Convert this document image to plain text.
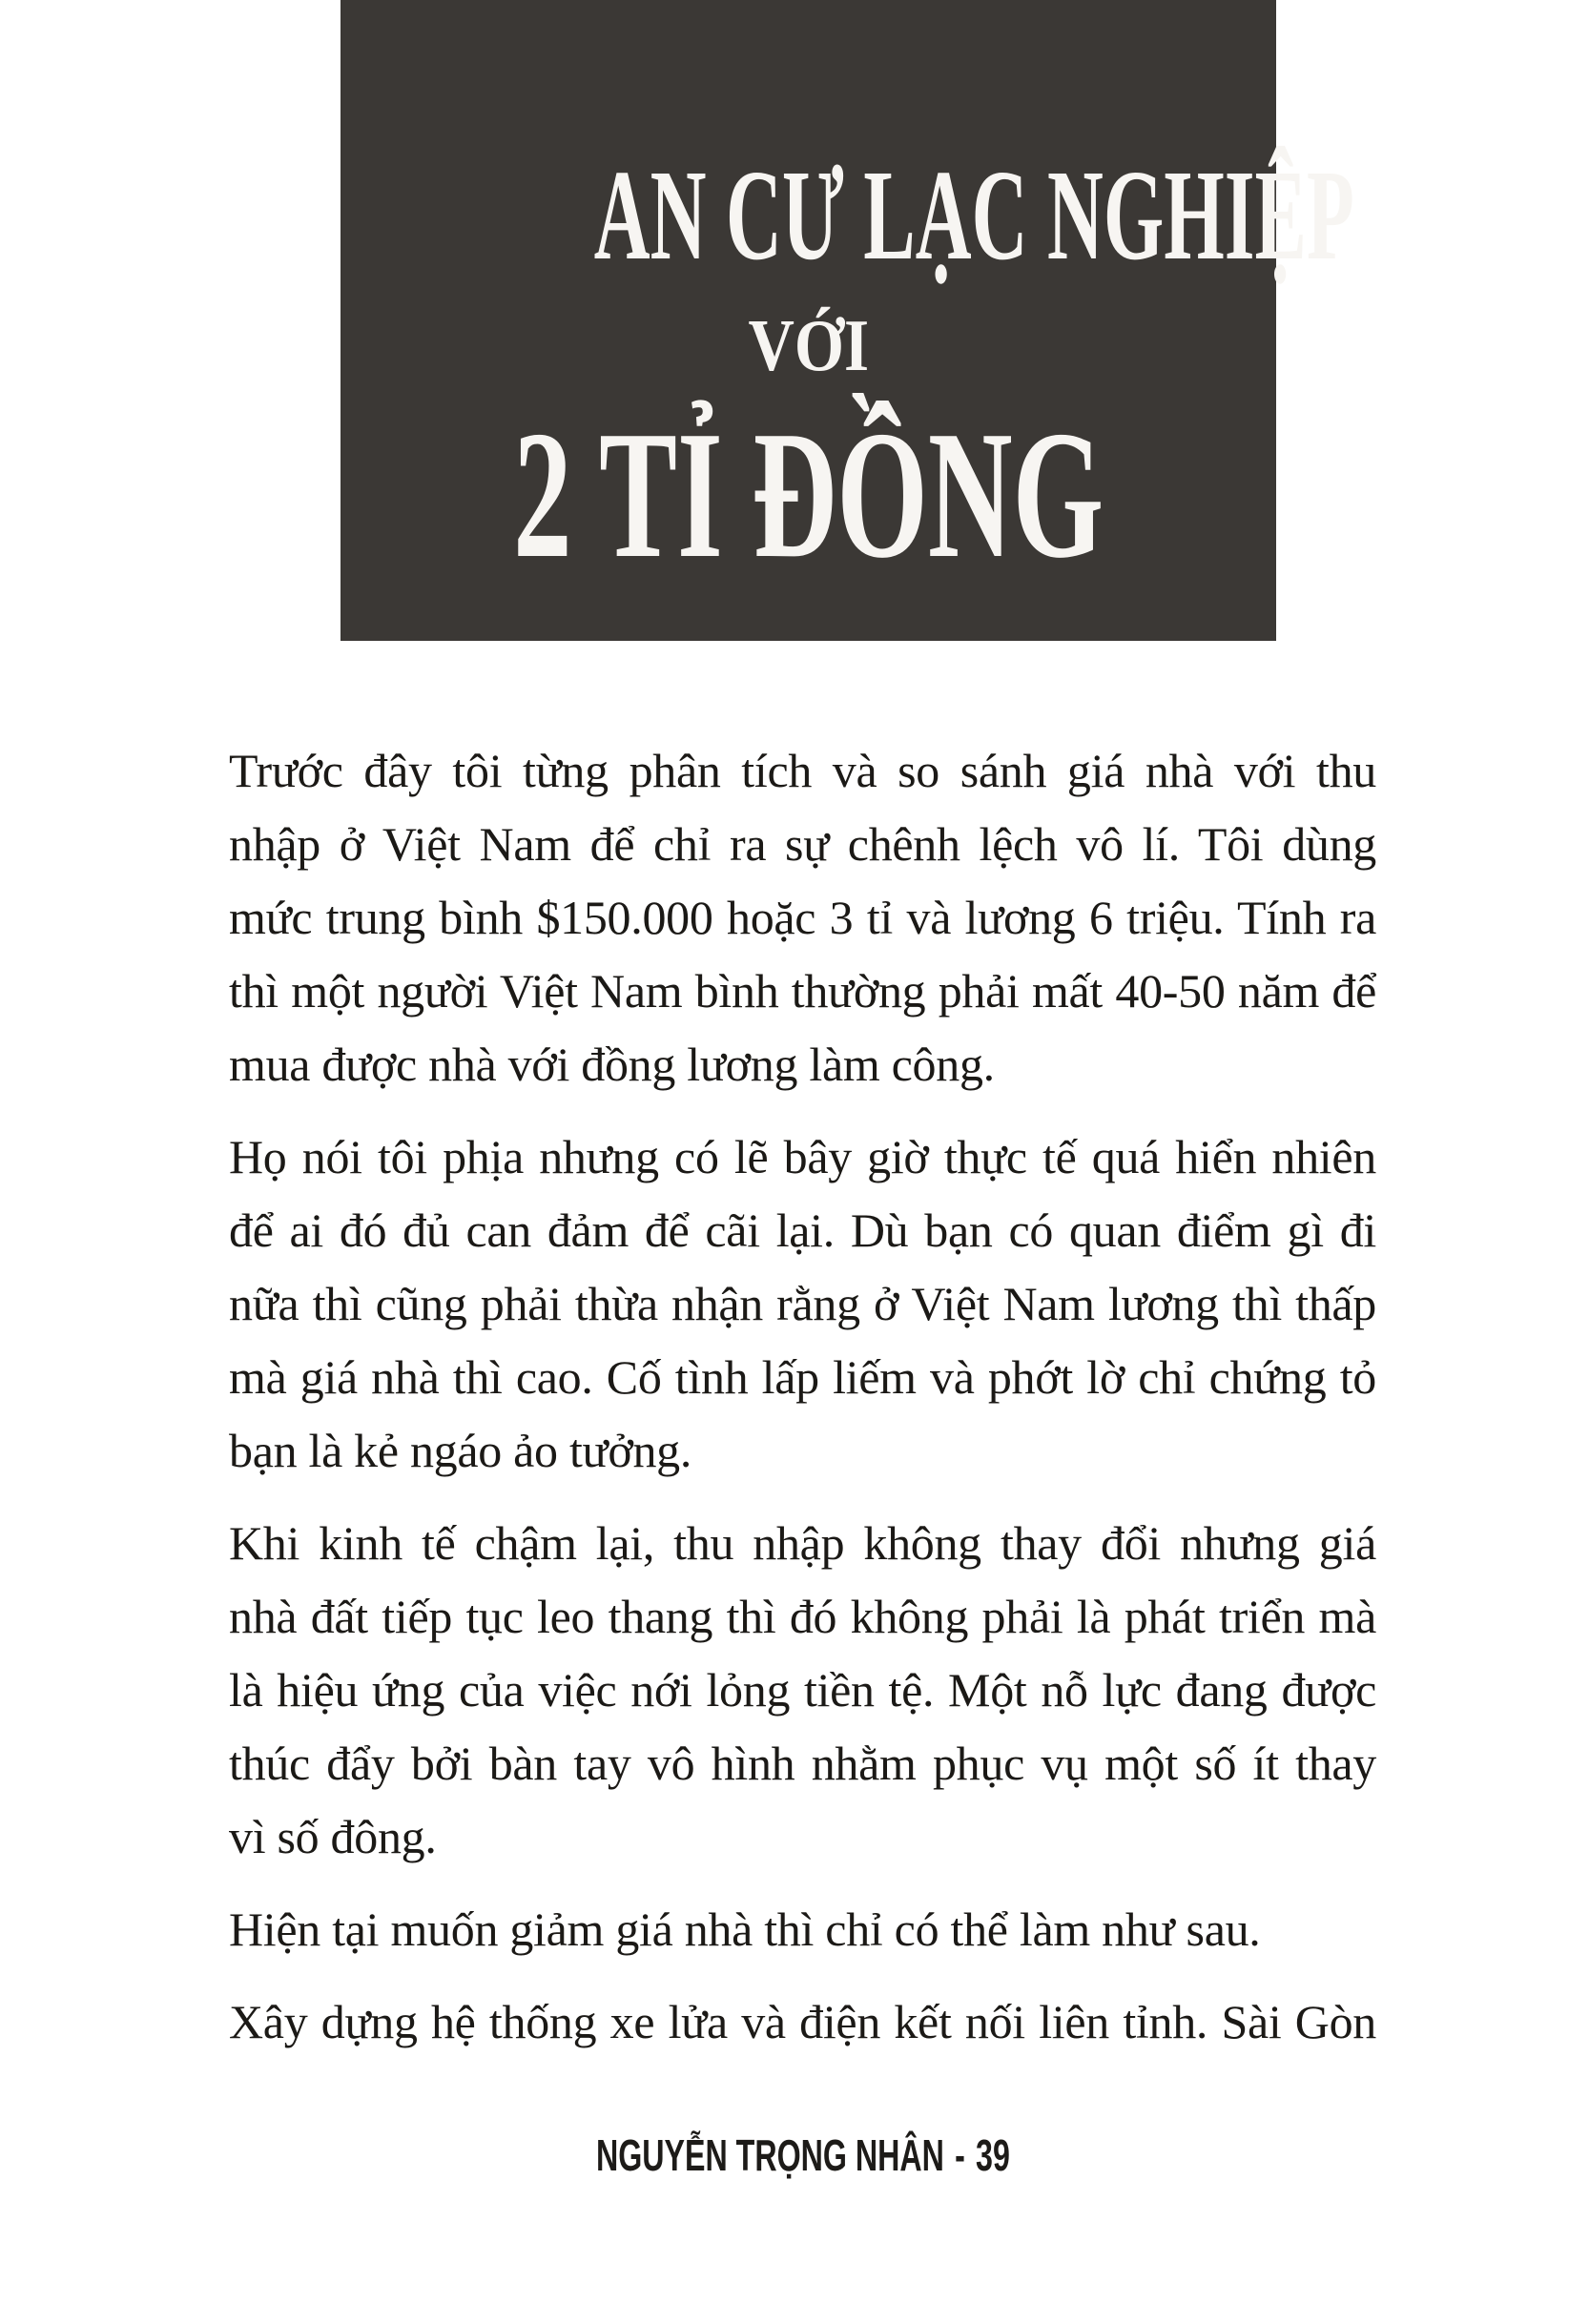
AN CƯ LẠC NGHIỆP
VỚI
2 TỈ ĐỒNG
Trước đây tôi từng phân tích và so sánh giá nhà với thu
nhập ở Việt Nam để chỉ ra sự chênh lệch vô lí. Tôi dùng
mức trung bình $150.000 hoặc 3 tỉ và lương 6 triệu. Tính ra
thì một người Việt Nam bình thường phải mất 40-50 năm để
mua được nhà với đồng lương làm công.
Họ nói tôi phịa nhưng có lẽ bây giờ thực tế quá hiển nhiên
để ai đó đủ can đảm để cãi lại. Dù bạn có quan điểm gì đi
nữa thì cũng phải thừa nhận rằng ở Việt Nam lương thì thấp
mà giá nhà thì cao. Cố tình lấp liếm và phớt lờ chỉ chứng tỏ
bạn là kẻ ngáo ảo tưởng.
Khi kinh tế chậm lại, thu nhập không thay đổi nhưng giá
nhà đất tiếp tục leo thang thì đó không phải là phát triển mà
là hiệu ứng của việc nới lỏng tiền tệ. Một nỗ lực đang được
thúc đẩy bởi bàn tay vô hình nhằm phục vụ một số ít thay
vì số đông.
Hiện tại muốn giảm giá nhà thì chỉ có thể làm như sau.
Xây dựng hệ thống xe lửa và điện kết nối liên tỉnh. Sài Gòn
NGUYỄN TRỌNG NHÂN - 39
